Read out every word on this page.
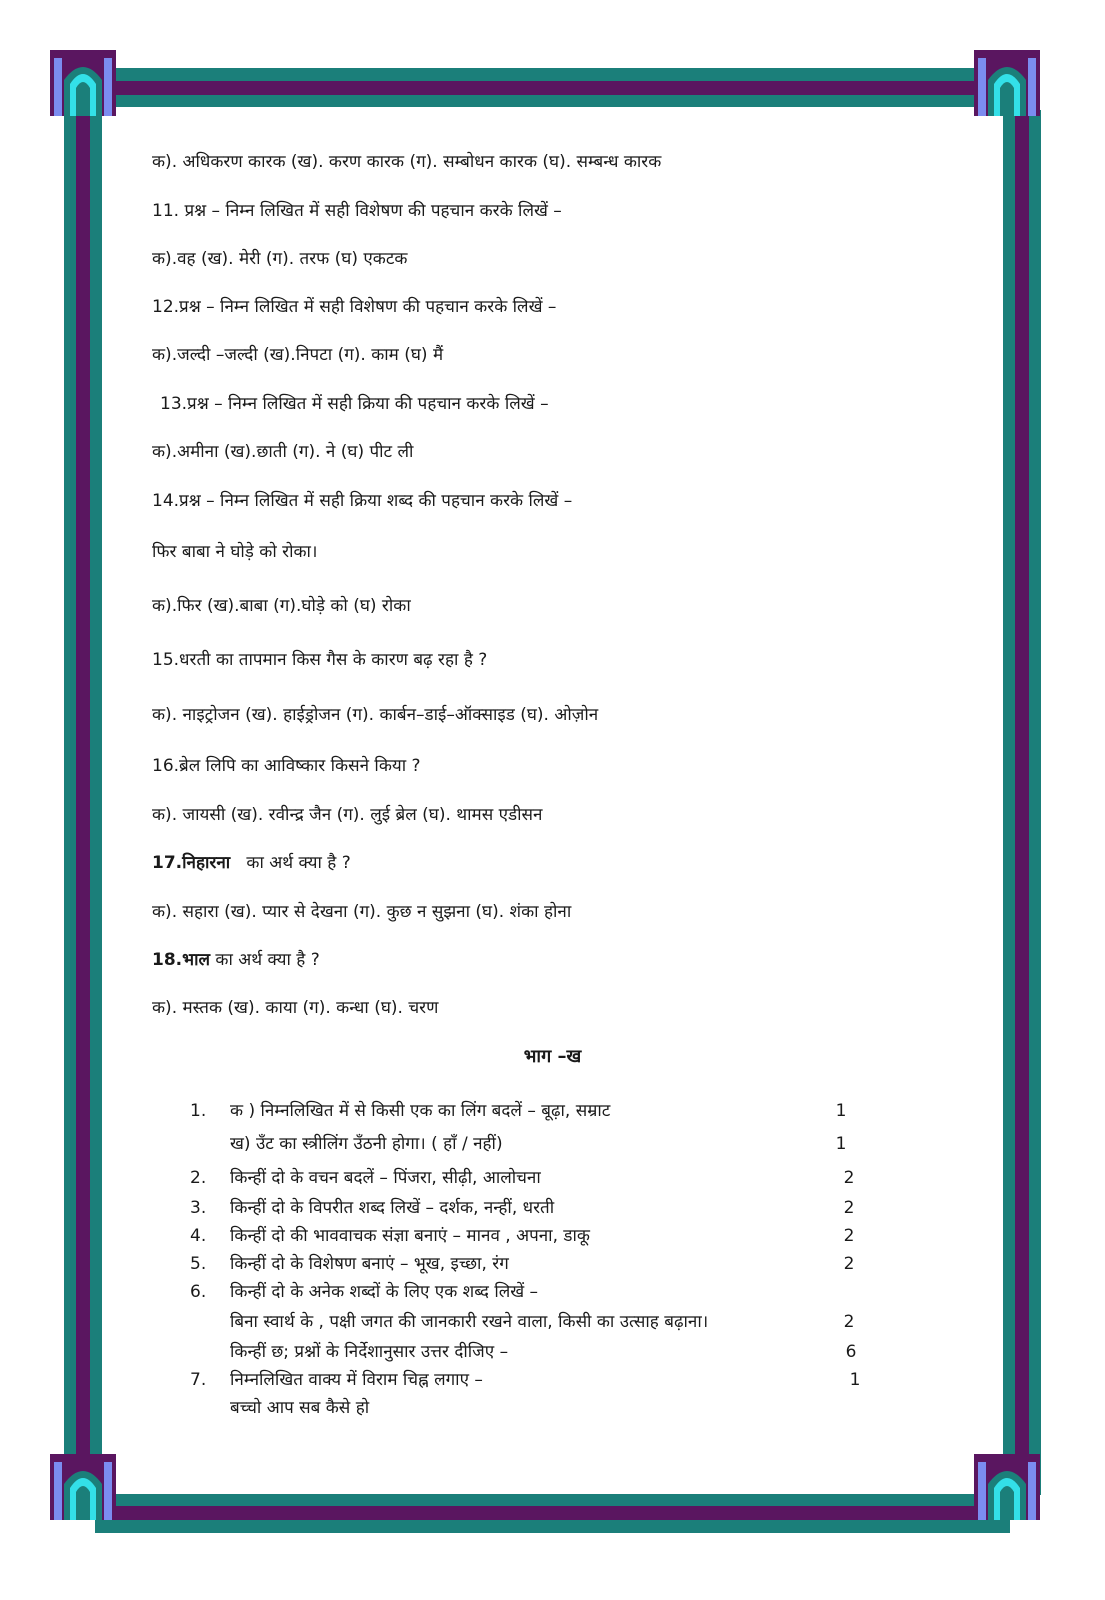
क). अधिकरण कारक (ख). करण कारक (ग). सम्बोधन कारक (घ). सम्बन्ध कारक
11. प्रश्न – निम्न लिखित में सही विशेषण की पहचान करके लिखें –
क).वह (ख). मेरी (ग). तरफ (घ) एकटक
12.प्रश्न – निम्न लिखित में सही विशेषण की पहचान करके लिखें –
क).जल्दी –जल्दी (ख).निपटा (ग). काम (घ) मैं
13.प्रश्न – निम्न लिखित में सही क्रिया की पहचान करके लिखें –
क).अमीना (ख).छाती (ग). ने (घ) पीट ली
14.प्रश्न – निम्न लिखित में सही क्रिया शब्द की पहचान करके लिखें –
फिर बाबा ने घोड़े को रोका।
क).फिर (ख).बाबा (ग).घोड़े को (घ) रोका
15.धरती का तापमान किस गैस के कारण बढ़ रहा है ?
क). नाइट्रोजन (ख). हाईड्रोजन (ग). कार्बन–डाई–ऑक्साइड (घ). ओज़ोन
16.ब्रेल लिपि का आविष्कार किसने किया ?
क). जायसी (ख). रवीन्द्र जैन (ग). लुई ब्रेल (घ). थामस एडीसन
17.निहारना का अर्थ क्या है ?
क). सहारा (ख). प्यार से देखना (ग). कुछ न सुझना (घ). शंका होना
18.भाल का अर्थ क्या है ?
क). मस्तक (ख). काया (ग). कन्धा (घ). चरण
भाग –ख
1. क ) निम्नलिखित में से किसी एक का लिंग बदलें – बूढ़ा, सम्राट	1
ख) उँट का स्त्रीलिंग उँठनी होगा। ( हाँ / नहीं)	1
2. किन्हीं दो के वचन बदलें – पिंजरा, सीढ़ी, आलोचना	2
3. किन्हीं दो के विपरीत शब्द लिखें – दर्शक, नन्हीं, धरती	2
4. किन्हीं दो की भाववाचक संज्ञा बनाएं – मानव , अपना, डाकू	2
5. किन्हीं दो के विशेषण बनाएं – भूख, इच्छा, रंग	2
6. किन्हीं दो के अनेक शब्दों के लिए एक शब्द लिखें –
बिना स्वार्थ के , पक्षी जगत की जानकारी रखने वाला, किसी का उत्साह बढ़ाना।	2
किन्हीं छ; प्रश्नों के निर्देशानुसार उत्तर दीजिए –	6
7. निम्नलिखित वाक्य में विराम चिह्न लगाए –	1
बच्चो आप सब कैसे हो
